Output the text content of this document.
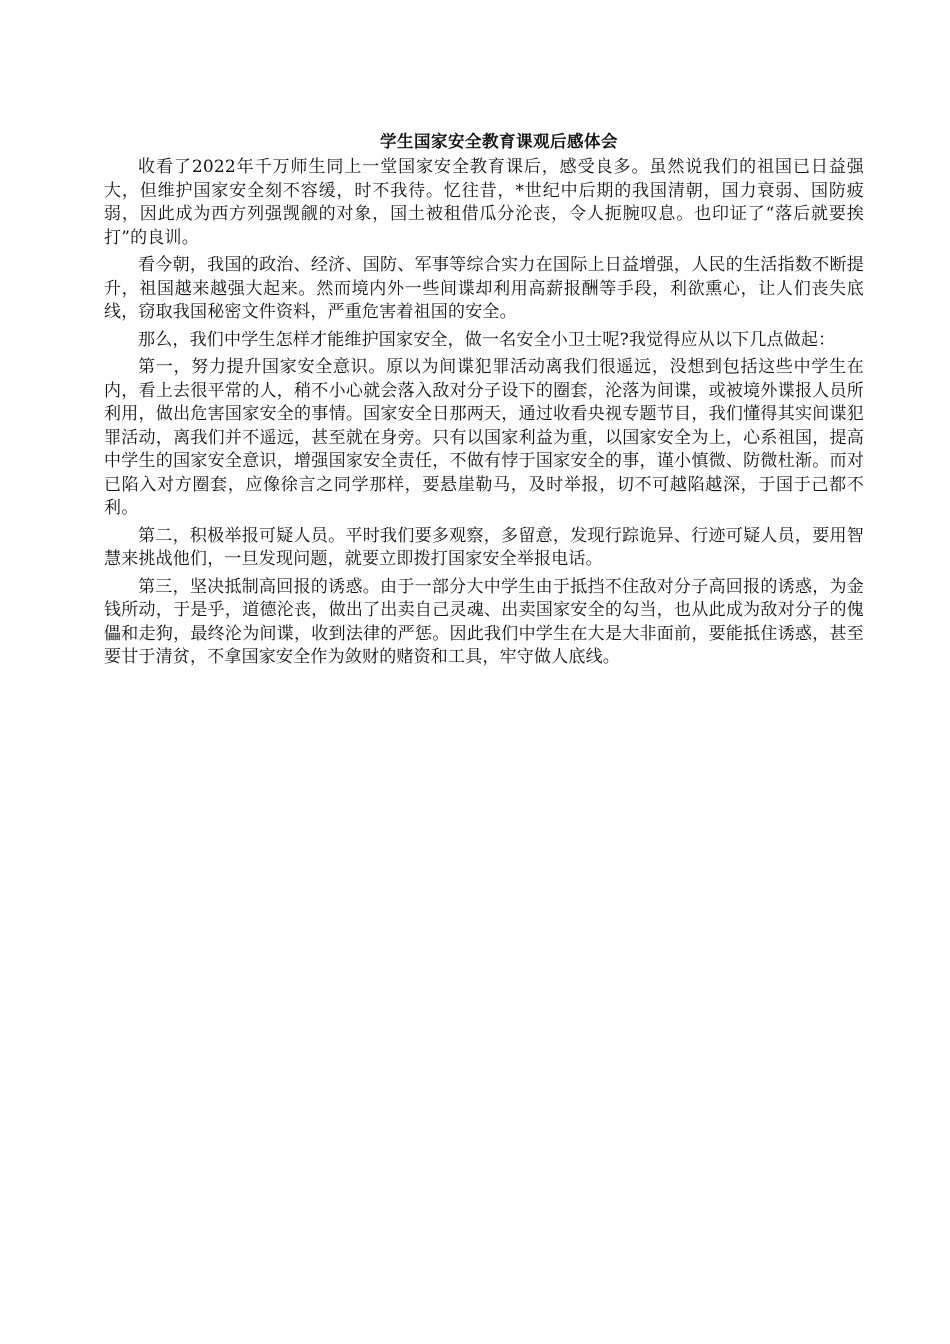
学生国家安全教育课观后感体会

收看了2022年千万师生同上一堂国家安全教育课后，感受良多。虽然说我们的祖国已日益强大，但维护国家安全刻不容缓，时不我待。忆往昔，*世纪中后期的我国清朝，国力衰弱、国防疲弱，因此成为西方列强觊觎的对象，国土被租借瓜分沦丧，令人扼腕叹息。也印证了“落后就要挨打”的良训。

看今朝，我国的政治、经济、国防、军事等综合实力在国际上日益增强，人民的生活指数不断提升，祖国越来越强大起来。然而境内外一些间谍却利用高薪报酬等手段，利欲熏心，让人们丧失底线，窃取我国秘密文件资料，严重危害着祖国的安全。

那么，我们中学生怎样才能维护国家安全，做一名安全小卫士呢?我觉得应从以下几点做起：

第一，努力提升国家安全意识。原以为间谍犯罪活动离我们很遥远，没想到包括这些中学生在内，看上去很平常的人，稍不小心就会落入敌对分子设下的圈套，沦落为间谍，或被境外谍报人员所利用，做出危害国家安全的事情。国家安全日那两天，通过收看央视专题节目，我们懂得其实间谍犯罪活动，离我们并不遥远，甚至就在身旁。只有以国家利益为重，以国家安全为上，心系祖国，提高中学生的国家安全意识，增强国家安全责任，不做有悖于国家安全的事，谨小慎微、防微杜渐。而对已陷入对方圈套，应像徐言之同学那样，要悬崖勒马，及时举报，切不可越陷越深，于国于己都不利。

第二，积极举报可疑人员。平时我们要多观察，多留意，发现行踪诡异、行迹可疑人员，要用智慧来挑战他们，一旦发现问题，就要立即拨打国家安全举报电话。

第三，坚决抵制高回报的诱惑。由于一部分大中学生由于抵挡不住敌对分子高回报的诱惑，为金钱所动，于是乎，道德沦丧，做出了出卖自己灵魂、出卖国家安全的勾当，也从此成为敌对分子的傀儡和走狗，最终沦为间谍，收到法律的严惩。因此我们中学生在大是大非面前，要能抵住诱惑，甚至要甘于清贫，不拿国家安全作为敛财的赌资和工具，牢守做人底线。
